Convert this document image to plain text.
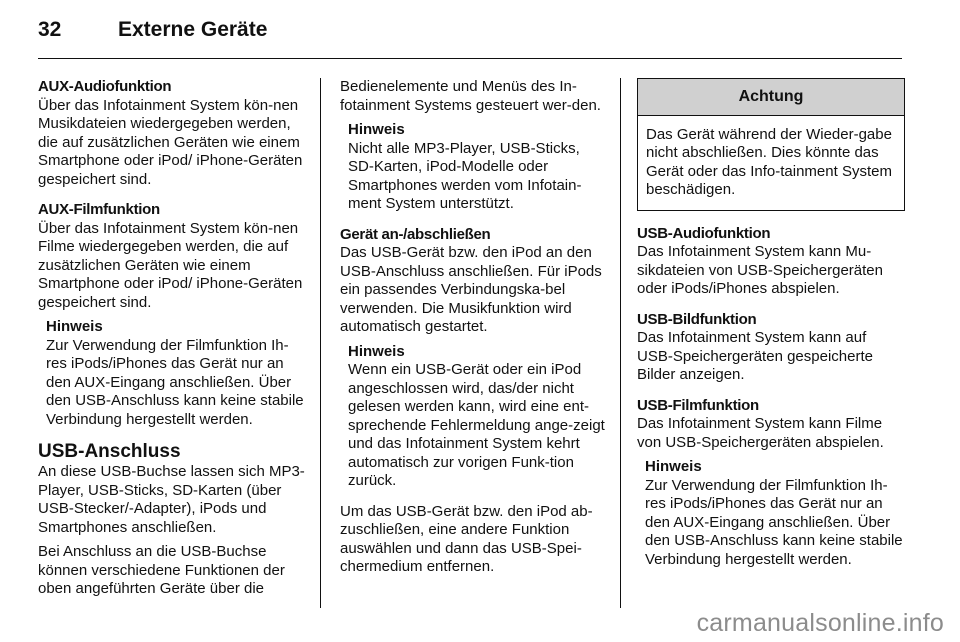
32	Externe Geräte
AUX-Audiofunktion

Über das Infotainment System kön-nen Musikdateien wiedergegeben werden, die auf zusätzlichen Geräten wie einem Smartphone oder iPod/ iPhone-Geräten gespeichert sind.

AUX-Filmfunktion

Über das Infotainment System kön-nen Filme wiedergegeben werden, die auf zusätzlichen Geräten wie einem Smartphone oder iPod/ iPhone-Geräten gespeichert sind.

Hinweis
Zur Verwendung der Filmfunktion Ih-res iPods/iPhones das Gerät nur an den AUX-Eingang anschließen. Über den USB-Anschluss kann keine stabile Verbindung hergestellt werden.
USB-Anschluss

An diese USB-Buchse lassen sich MP3-Player, USB-Sticks, SD-Karten (über USB-Stecker/-Adapter), iPods und Smartphones anschließen.

Bei Anschluss an die USB-Buchse können verschiedene Funktionen der oben angeführten Geräte über die

Bedienelemente und Menüs des In-fotainment Systems gesteuert wer-den.

Hinweis
Nicht alle MP3-Player, USB-Sticks, SD-Karten, iPod-Modelle oder Smartphones werden vom Infotain-ment System unterstützt.
Gerät an-/abschließen

Das USB-Gerät bzw. den iPod an den USB-Anschluss anschließen. Für iPods ein passendes Verbindungska-bel verwenden. Die Musikfunktion wird automatisch gestartet.

Hinweis
Wenn ein USB-Gerät oder ein iPod angeschlossen wird, das/der nicht gelesen werden kann, wird eine ent-sprechende Fehlermeldung ange-zeigt und das Infotainment System kehrt automatisch zur vorigen Funk-tion zurück.

Um das USB-Gerät bzw. den iPod ab-zuschließen, eine andere Funktion auswählen und dann das USB-Spei-chermedium entfernen.

Achtung
Das Gerät während der Wieder-gabe nicht abschließen. Dies könnte das Gerät oder das Info-tainment System beschädigen.
USB-Audiofunktion

Das Infotainment System kann Mu-sikdateien von USB-Speichergeräten oder iPods/iPhones abspielen.

USB-Bildfunktion

Das Infotainment System kann auf USB-Speichergeräten gespeicherte Bilder anzeigen.

USB-Filmfunktion

Das Infotainment System kann Filme von USB-Speichergeräten abspielen.

Hinweis
Zur Verwendung der Filmfunktion Ih-res iPods/iPhones das Gerät nur an den AUX-Eingang anschließen. Über den USB-Anschluss kann keine stabile Verbindung hergestellt werden.
carmanualsonline.info
